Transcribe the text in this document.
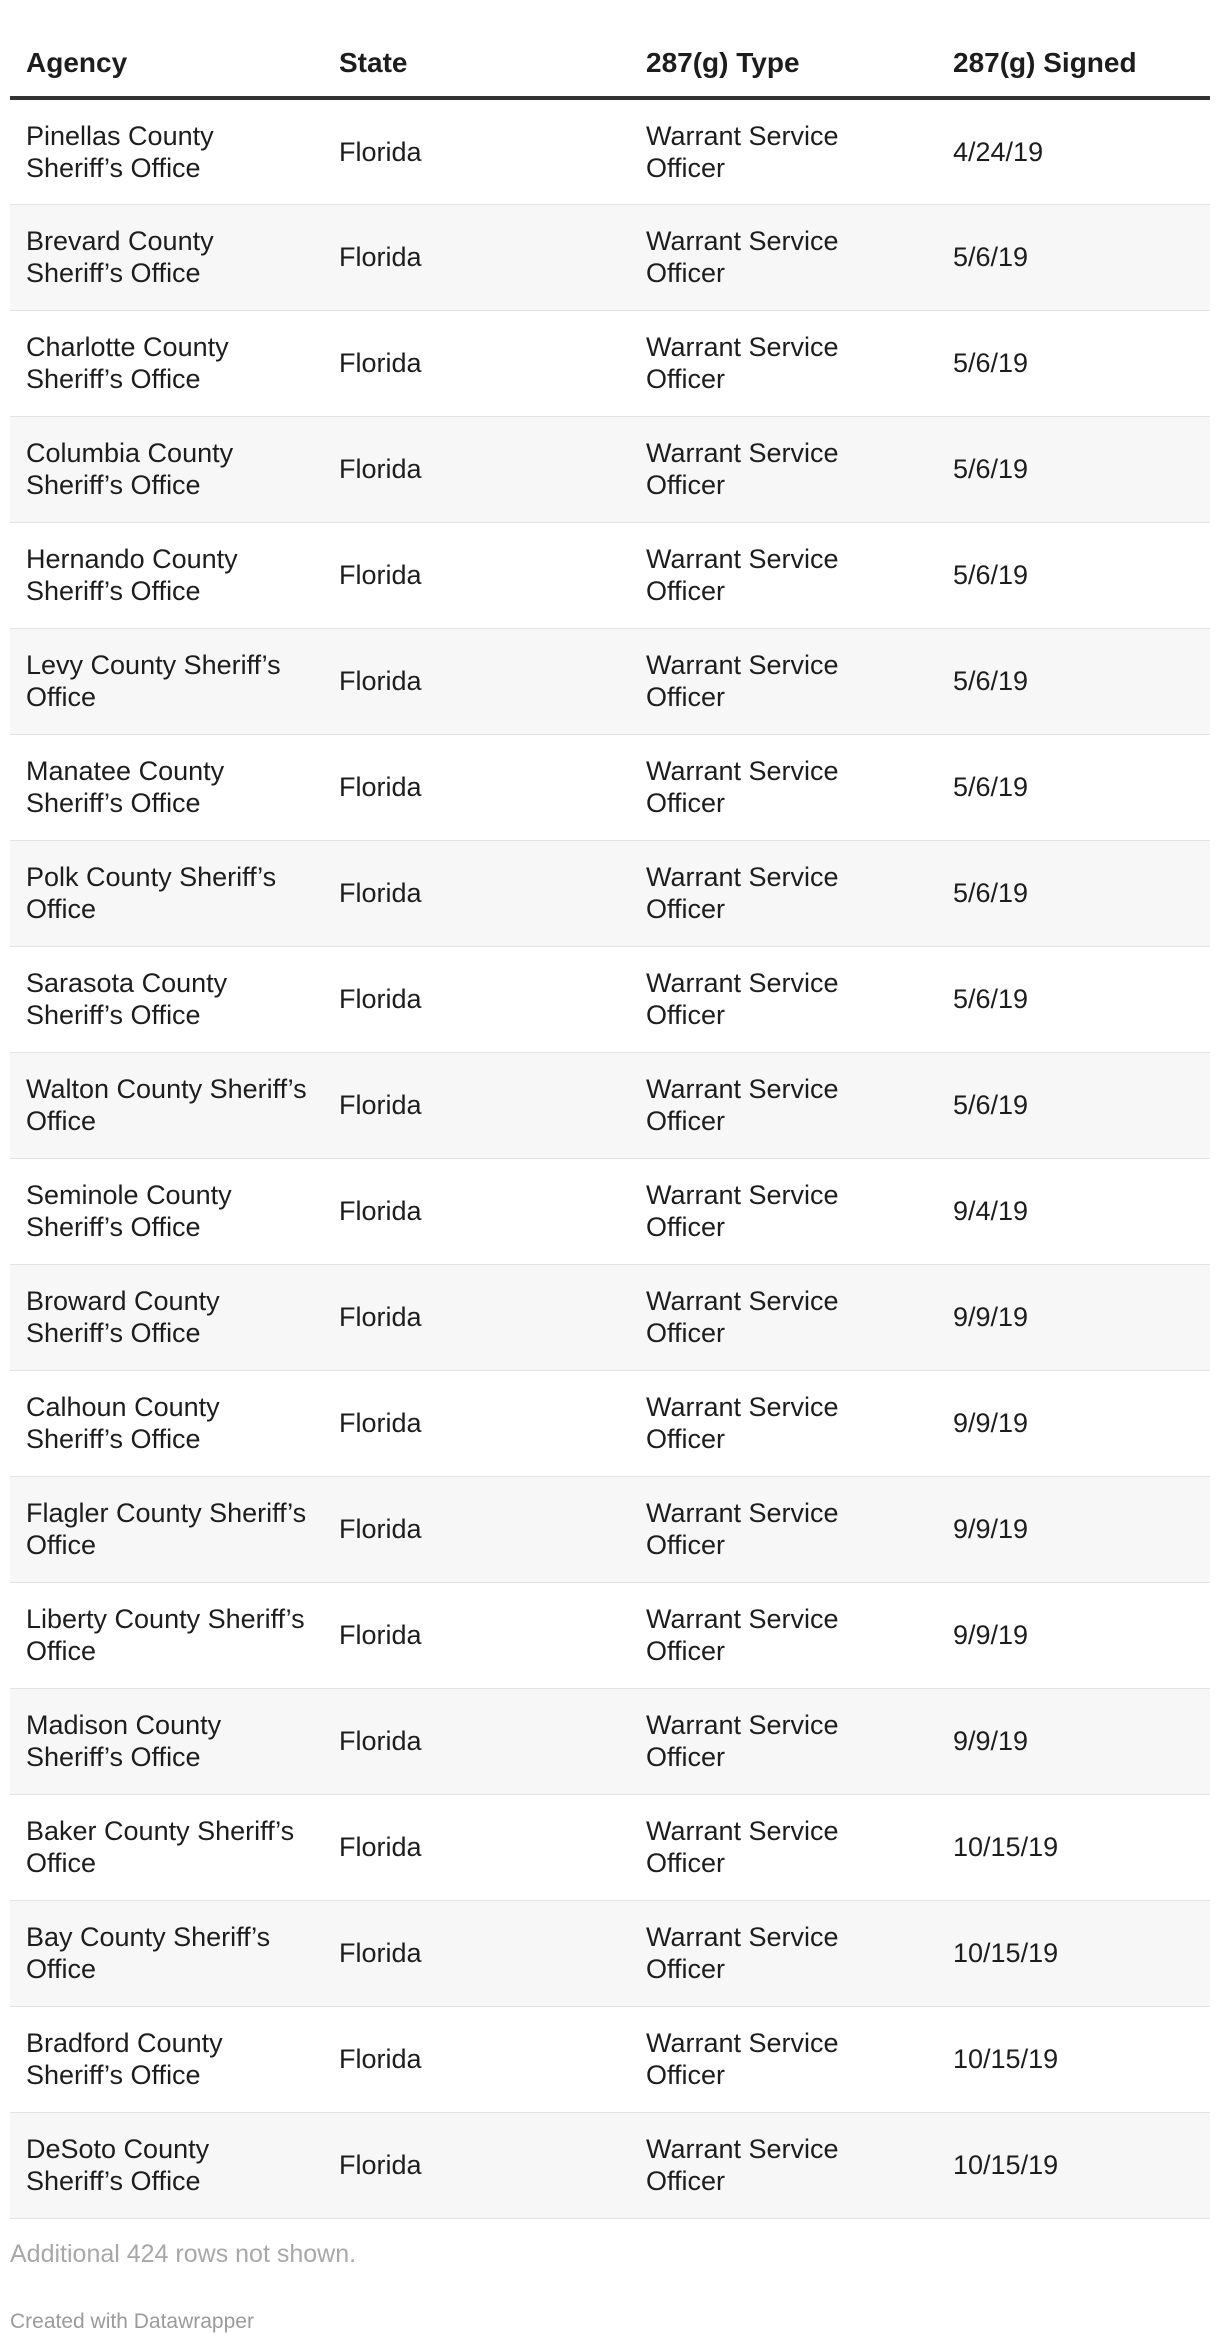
Agency	State	287(g) Type	287(g) Signed
Pinellas County Sheriff’s Office	Florida	Warrant Service Officer	4/24/19
Brevard County Sheriff’s Office	Florida	Warrant Service Officer	5/6/19
Charlotte County Sheriff’s Office	Florida	Warrant Service Officer	5/6/19
Columbia County Sheriff’s Office	Florida	Warrant Service Officer	5/6/19
Hernando County Sheriff’s Office	Florida	Warrant Service Officer	5/6/19
Levy County Sheriff’s Office	Florida	Warrant Service Officer	5/6/19
Manatee County Sheriff’s Office	Florida	Warrant Service Officer	5/6/19
Polk County Sheriff’s Office	Florida	Warrant Service Officer	5/6/19
Sarasota County Sheriff’s Office	Florida	Warrant Service Officer	5/6/19
Walton County Sheriff’s Office	Florida	Warrant Service Officer	5/6/19
Seminole County Sheriff’s Office	Florida	Warrant Service Officer	9/4/19
Broward County Sheriff’s Office	Florida	Warrant Service Officer	9/9/19
Calhoun County Sheriff’s Office	Florida	Warrant Service Officer	9/9/19
Flagler County Sheriff’s Office	Florida	Warrant Service Officer	9/9/19
Liberty County Sheriff’s Office	Florida	Warrant Service Officer	9/9/19
Madison County Sheriff’s Office	Florida	Warrant Service Officer	9/9/19
Baker County Sheriff’s Office	Florida	Warrant Service Officer	10/15/19
Bay County Sheriff’s Office	Florida	Warrant Service Officer	10/15/19
Bradford County Sheriff’s Office	Florida	Warrant Service Officer	10/15/19
DeSoto County Sheriff’s Office	Florida	Warrant Service Officer	10/15/19
Additional 424 rows not shown.
Created with Datawrapper
